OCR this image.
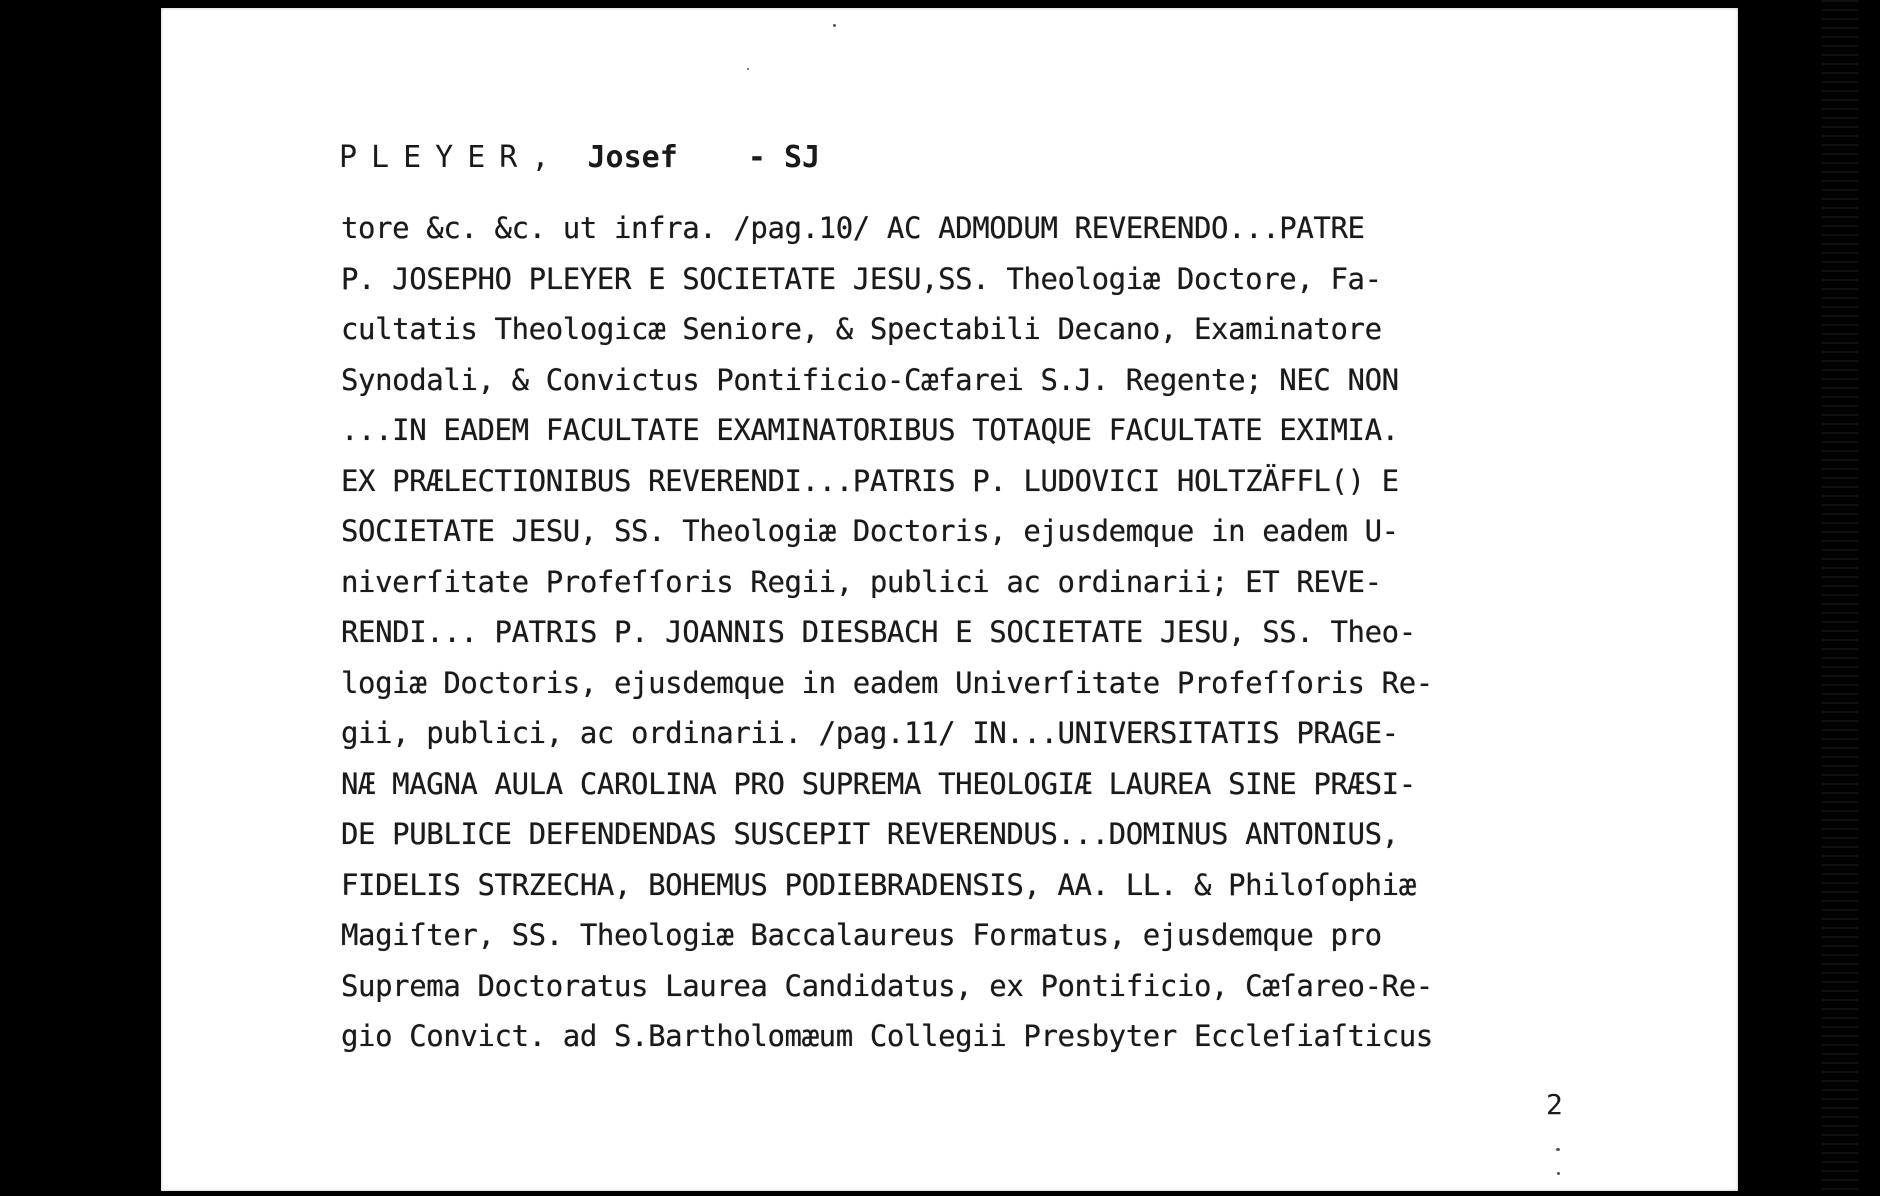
PLEYER, Josef - SJ
tore &c. &c. ut infra. /pag.10/ AC ADMODUM REVERENDO...PATRE
P. JOSEPHO PLEYER E SOCIETATE JESU,SS. Theologiæ Doctore, Fa-
cultatis Theologicæ Seniore, & Spectabili Decano, Examinatore
Synodali, & Convictus Pontificio-Cæfarei S.J. Regente; NEC NON
...IN EADEM FACULTATE EXAMINATORIBUS TOTAQUE FACULTATE EXIMIA.
EX PRÆLECTIONIBUS REVERENDI...PATRIS P. LUDOVICI HOLTZÄFFL() E
SOCIETATE JESU, SS. Theologiæ Doctoris, ejusdemque in eadem U-
niverſitate Profeſſoris Regii, publici ac ordinarii; ET REVE-
RENDI... PATRIS P. JOANNIS DIESBACH E SOCIETATE JESU, SS. Theo-
logiæ Doctoris, ejusdemque in eadem Univerſitate Profeſſoris Re-
gii, publici, ac ordinarii. /pag.11/ IN...UNIVERSITATIS PRAGE-
NÆ MAGNA AULA CAROLINA PRO SUPREMA THEOLOGIÆ LAUREA SINE PRÆSI-
DE PUBLICE DEFENDENDAS SUSCEPIT REVERENDUS...DOMINUS ANTONIUS,
FIDELIS STRZECHA, BOHEMUS PODIEBRADENSIS, AA. LL. & Philoſophiæ
Magiſter, SS. Theologiæ Baccalaureus Formatus, ejusdemque pro
Suprema Doctoratus Laurea Candidatus, ex Pontificio, Cæſareo-Re-
gio Convict. ad S.Bartholomæum Collegii Presbyter Eccleſiaſticus
2
